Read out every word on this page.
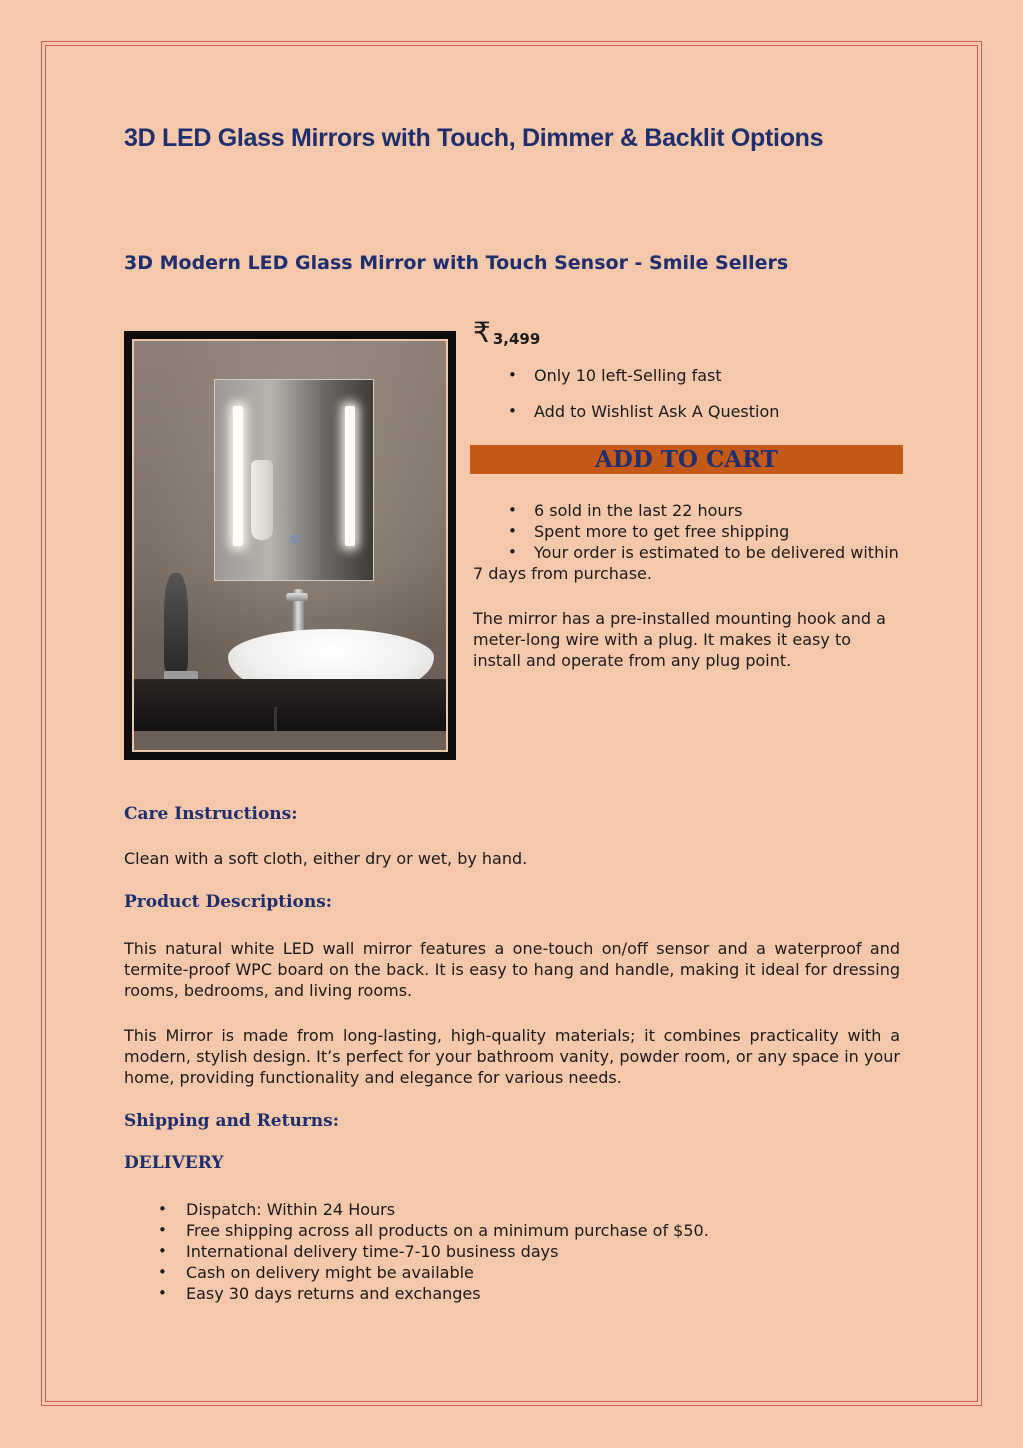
3D LED Glass Mirrors with Touch, Dimmer & Backlit Options
3D Modern LED Glass Mirror with Touch Sensor - Smile Sellers
₹ 3,499
• Only 10 left-Selling fast
• Add to Wishlist Ask A Question
ADD TO CART
• 6 sold in the last 22 hours
• Spent more to get free shipping
• Your order is estimated to be delivered within 7 days from purchase.

The mirror has a pre-installed mounting hook and a meter-long wire with a plug. It makes it easy to install and operate from any plug point.

Care Instructions:

Clean with a soft cloth, either dry or wet, by hand.

Product Descriptions:

This natural white LED wall mirror features a one-touch on/off sensor and a waterproof and termite-proof WPC board on the back. It is easy to hang and handle, making it ideal for dressing rooms, bedrooms, and living rooms.

This Mirror is made from long-lasting, high-quality materials; it combines practicality with a modern, stylish design. It’s perfect for your bathroom vanity, powder room, or any space in your home, providing functionality and elegance for various needs.

Shipping and Returns:
DELIVERY
• Dispatch: Within 24 Hours
• Free shipping across all products on a minimum purchase of $50.
• International delivery time-7-10 business days
• Cash on delivery might be available
• Easy 30 days returns and exchanges
